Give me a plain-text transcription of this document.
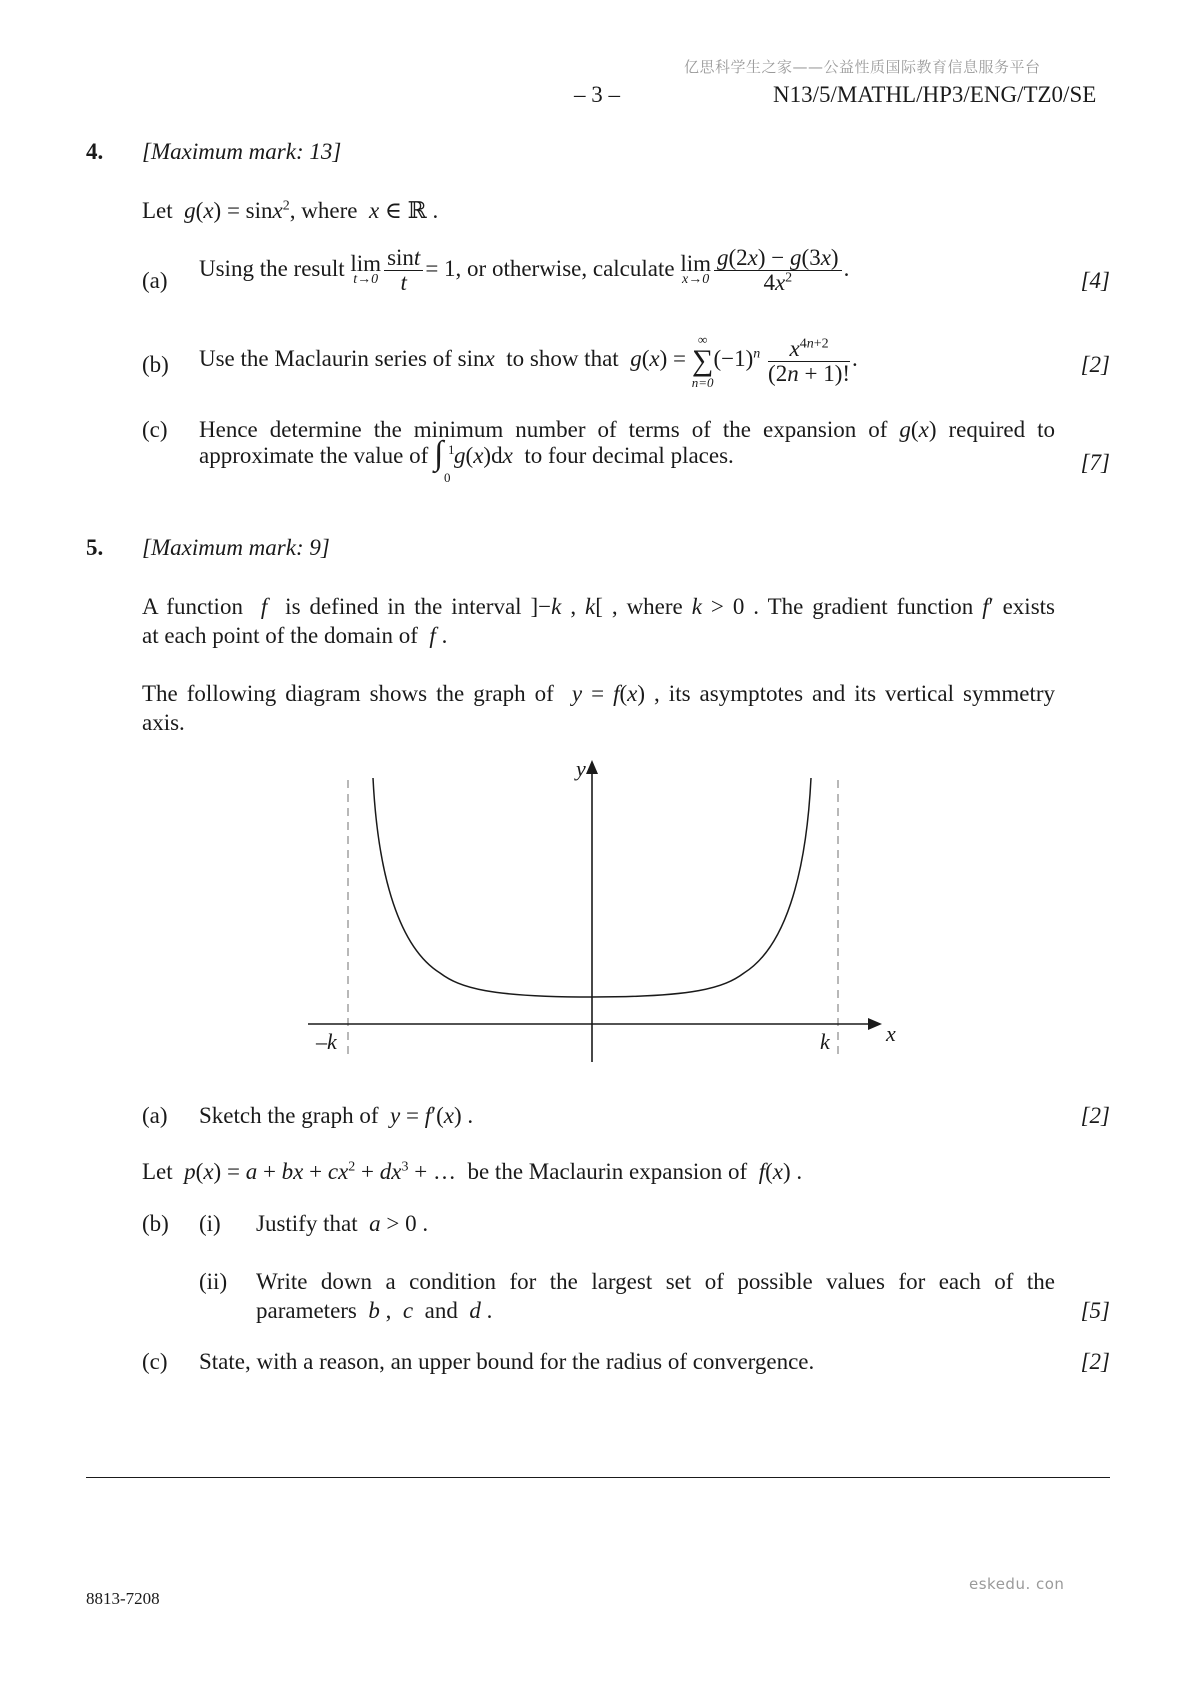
亿思科学生之家——公益性质国际教育信息服务平台
– 3 –	N13/5/MATHL/HP3/ENG/TZ0/SE
4. [Maximum mark: 13]
Let  g(x) = sinx$^2$, where  x ∈ ℝ .
(a) Using the result lim
$t\to 0 \frac{\sin t}{t} = 1$, or otherwise, calculate lim
$x\to 0 \frac{g(2x) - g(3x)}{4x^2}$ .	[4]
(b) Use the Maclaurin series of sinx  to show that  g(x) =
∞
∑
n=0
$(-1)^n \frac{x^{4n+2}}{(2n + 1)!}$ .	[2]
(c) Hence determine the minimum number of terms of the expansion of g(x) required to
approximate the value of ∫ 1
0
g(x)dx  to four decimal places.	[7]
5. [Maximum mark: 9]
A function  f  is defined in the interval ]−k , k[ , where k > 0 . The gradient function f′ exists
at each point of the domain of  f .
The following diagram shows the graph of  y = f(x) , its asymptotes and its vertical symmetry
axis.
y
x
–k	k
(a) Sketch the graph of  y = f′(x) .	[2]
Let  p(x) = a + bx + $cx^2 + dx^3$ + …  be the Maclaurin expansion of  f(x) .
(b) (i) Justify that  a > 0 .
(ii) Write down a condition for the largest set of possible values for each of the
parameters  b ,  c  and  d .	[5]
(c) State, with a reason, an upper bound for the radius of convergence.	[2]
eskedu. con
8813-7208
